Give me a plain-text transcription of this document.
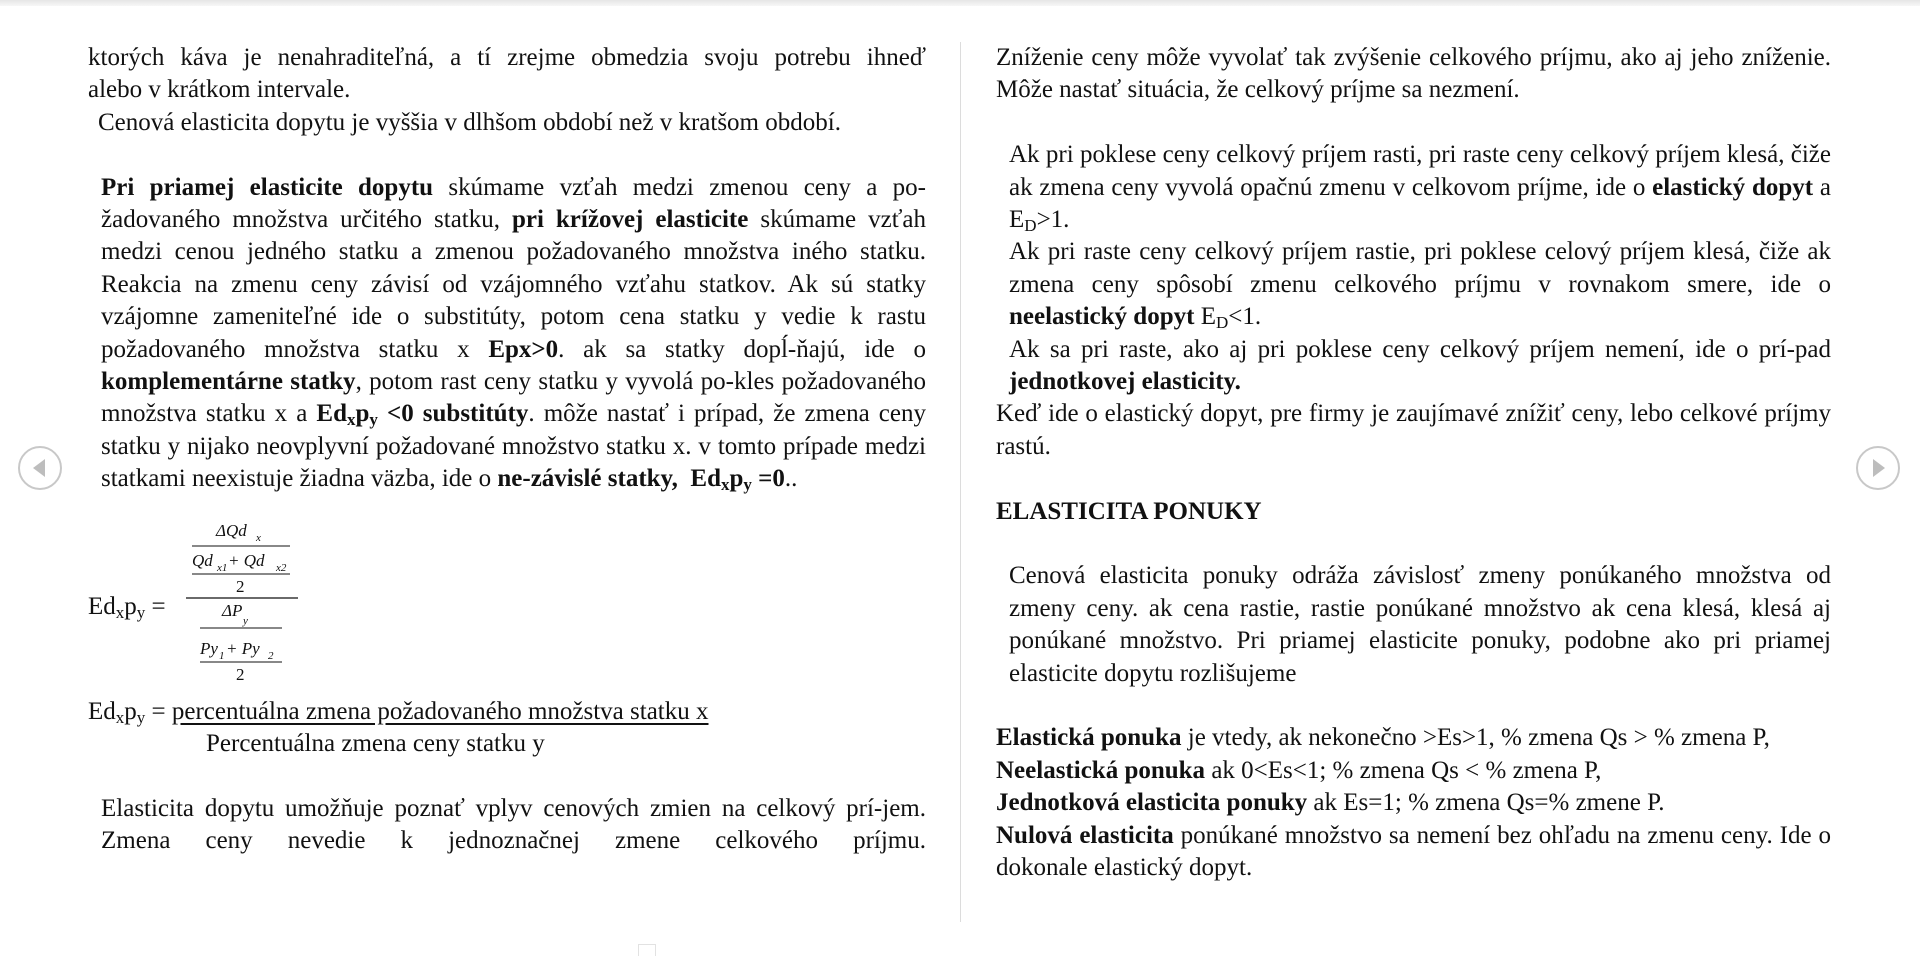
ktorých káva je nenahraditeľná, a tí zrejme obmedzia svoju potrebu ihneď

alebo v krátkom intervale.

Cenová elasticita dopytu je vyššia v dlhšom období než v kratšom období.

Pri priamej elasticite dopytu skúmame vzťah medzi zmenou ceny a po-žadovaného množstva určitého statku, pri krížovej elasticite skúmame vzťah medzi cenou jedného statku a zmenou požadovaného množstva iného statku. Reakcia na zmenu ceny závisí od vzájomného vzťahu statkov. Ak sú statky vzájomne zameniteľné ide o substitúty, potom cena statku y vedie k rastu požadovaného množstva statku x Epx>0. ak sa statky dopĺ-ňajú, ide o komplementárne statky, potom rast ceny statku y vyvolá po-kles požadovaného množstva statku x a $Ed_xp_y <0$ substitúty. môže nastať i prípad, že zmena ceny statku y nijako neovplyvní požadované množstvo statku x. v tomto prípade medzi statkami neexistuje žiadna väzba, ide o ne-závislé statky, $Ed_xp_y =0$..

$Ed_xp_y$ =
ΔQd x
Qd x1 + Qd x2
2
ΔP
y
Py 1 + Py 2
2

$Ed_xp_y$ = percentuálna zmena požadovaného množstva statku x

Percentuálna zmena ceny statku y

Elasticita dopytu umožňuje poznať vplyv cenových zmien na celkový prí-jem. Zmena ceny nevedie k jednoznačnej zmene celkového príjmu.

Zníženie ceny môže vyvolať tak zvýšenie celkového príjmu, ako aj jeho zníženie. Môže nastať situácia, že celkový príjme sa nezmení.

Ak pri poklese ceny celkový príjem rasti, pri raste ceny celkový príjem klesá, čiže ak zmena ceny vyvolá opačnú zmenu v celkovom príjme, ide o elastický dopyt a $E_D>1$.

Ak pri raste ceny celkový príjem rastie, pri poklese celový príjem klesá, čiže ak zmena ceny spôsobí zmenu celkového príjmu v rovnakom smere, ide o neelastický dopyt $E_D<1$.

Ak sa pri raste, ako aj pri poklese ceny celkový príjem nemení, ide o prí-pad jednotkovej elasticity.

Keď ide o elastický dopyt, pre firmy je zaujímavé znížiť ceny, lebo celkové príjmy rastú.

ELASTICITA PONUKY

Cenová elasticita ponuky odráža závislosť zmeny ponúkaného množstva od zmeny ceny. ak cena rastie, rastie ponúkané množstvo ak cena klesá, klesá aj ponúkané množstvo. Pri priamej elasticite ponuky, podobne ako pri priamej elasticite dopytu rozlišujeme

Elastická ponuka je vtedy, ak nekonečno >Es>1, % zmena Qs > % zmena P,

Neelastická ponuka ak 0<Es<1; % zmena Qs < % zmena P,

Jednotková elasticita ponuky ak Es=1; % zmena Qs=% zmene P.

Nulová elasticita ponúkané množstvo sa nemení bez ohľadu na zmenu ceny. Ide o dokonale elastický dopyt.
